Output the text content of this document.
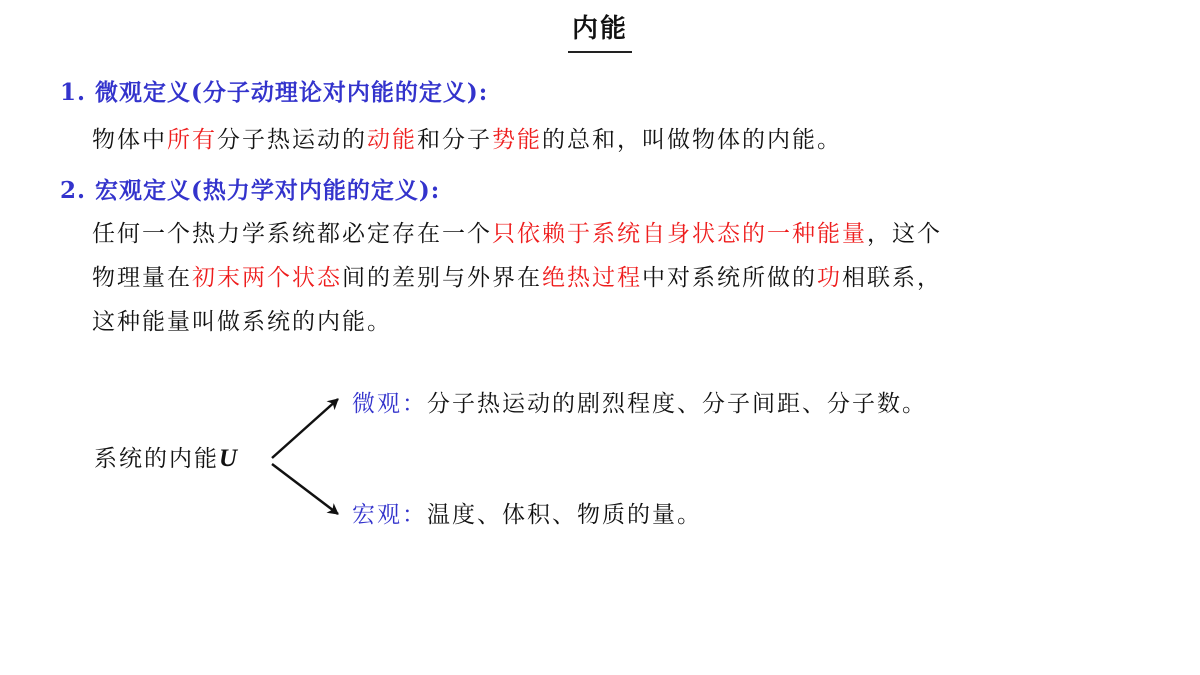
内能
1. 微观定义(分子动理论对内能的定义):
物体中所有分子热运动的动能和分子势能的总和，叫做物体的内能。
2. 宏观定义(热力学对内能的定义):
任何一个热力学系统都必定存在一个只依赖于系统自身状态的一种能量，这个
物理量在初末两个状态间的差别与外界在绝热过程中对系统所做的功相联系，
这种能量叫做系统的内能。
系统的内能U
微观：分子热运动的剧烈程度、分子间距、分子数。
宏观：温度、体积、物质的量。
